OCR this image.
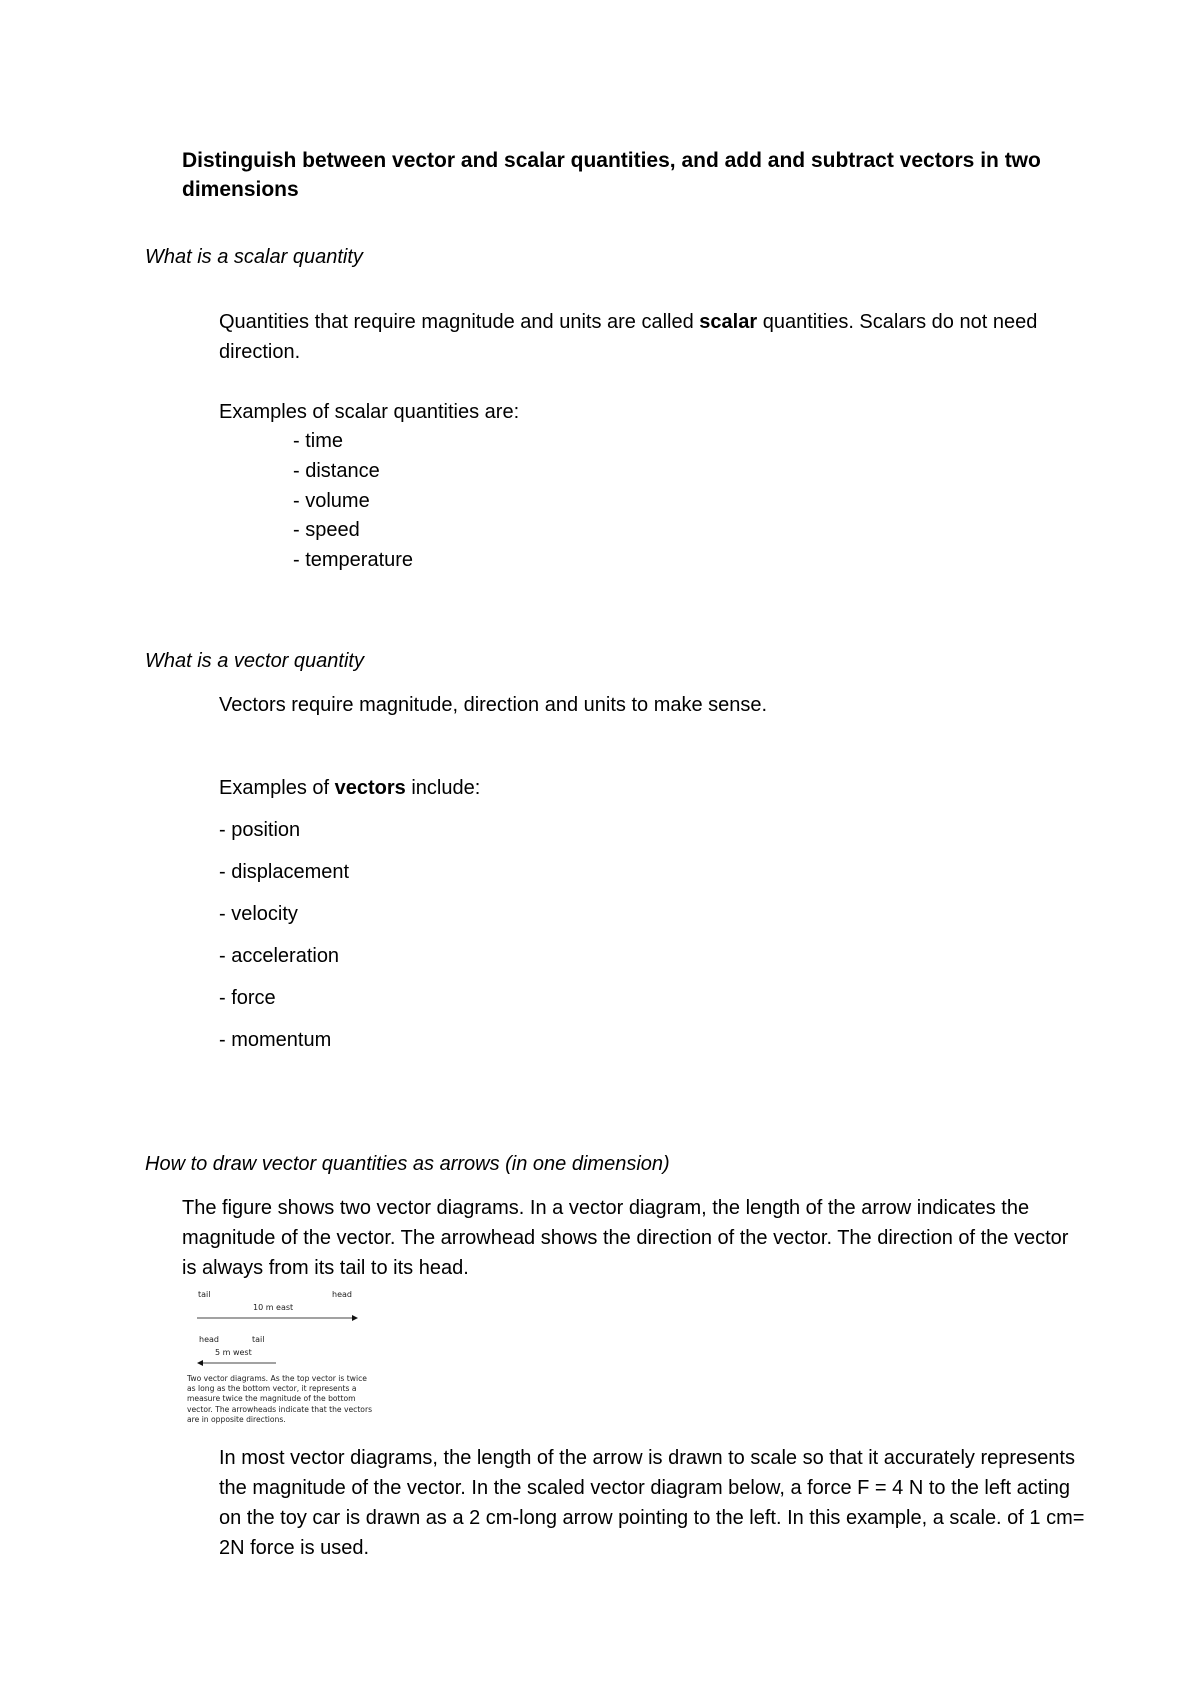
Distinguish between vector and scalar quantities, and add and subtract vectors in two dimensions
What is a scalar quantity
Quantities that require magnitude and units are called scalar quantities. Scalars do not need direction.
Examples of scalar quantities are:
- time
- distance
- volume
- speed
- temperature
What is a vector quantity
Vectors require magnitude, direction and units to make sense.
Examples of vectors include:
- position
- displacement
- velocity
- acceleration
- force
- momentum
How to draw vector quantities as arrows (in one dimension)
The figure shows two vector diagrams. In a vector diagram, the length of the arrow indicates the magnitude of the vector. The arrowhead shows the direction of the vector. The direction of the vector is always from its tail to its head.
tail	head
10 m east
head	tail
5 m west
Two vector diagrams. As the top vector is twice as long as the bottom vector, it represents a measure twice the magnitude of the bottom vector. The arrowheads indicate that the vectors are in opposite directions.
In most vector diagrams, the length of the arrow is drawn to scale so that it accurately represents the magnitude of the vector. In the scaled vector diagram below, a force F = 4 N to the left acting on the toy car is drawn as a 2 cm-long arrow pointing to the left. In this example, a scale. of 1 cm= 2N force is used.
